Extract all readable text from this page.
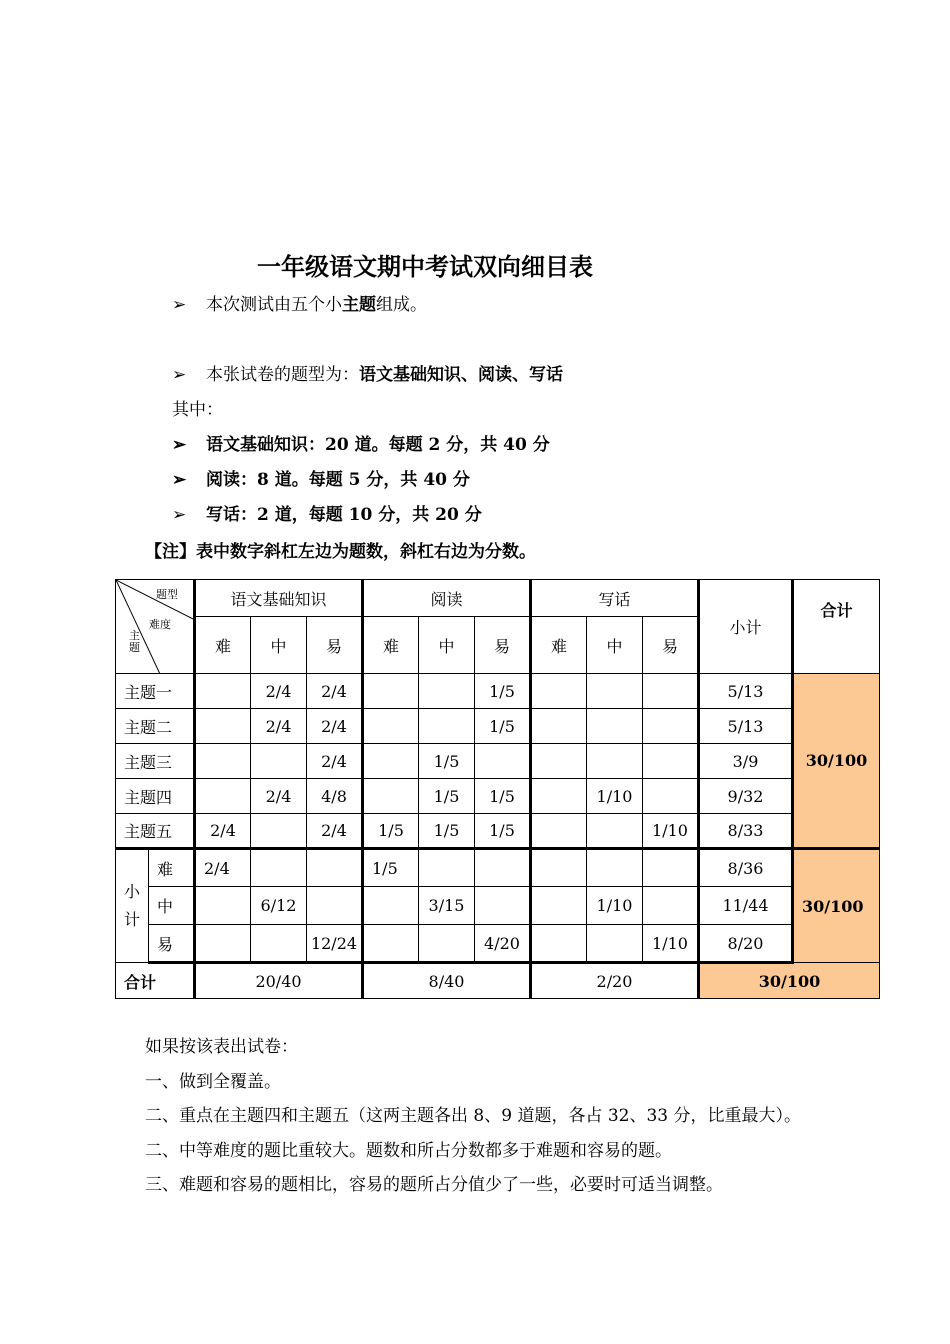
一年级语文期中考试双向细目表
➢ 本次测试由五个小主题组成。
➢ 本张试卷的题型为：语文基础知识、阅读、写话
其中：
➢ 语文基础知识：20 道。每题 2 分，共 40 分
➢ 阅读：8 道。每题 5 分，共 40 分
➢ 写话：2 道，每题 10 分，共 20 分
【注】表中数字斜杠左边为题数，斜杠右边为分数。
题型
难度
主
题		语文基础知识			阅读			写话			小计	合计
		难	中	易	难	中	易	难	中	易		
主题一			2/4	2/4			1/5				5/13	30/100
主题二			2/4	2/4			1/5				5/13	
主题三				2/4		1/5					3/9	
主题四			2/4	4/8		1/5	1/5		1/10		9/32	
主题五		2/4		2/4	1/5	1/5	1/5			1/10	8/33	
小
计	难	2/4			1/5						8/36	30/100
	中		6/12			3/15			1/10		11/44	
	易			12/24			4/20			1/10	8/20	
合计		20/40			8/40			2/20			30/100	
如果按该表出试卷：
一、做到全覆盖。
二、重点在主题四和主题五（这两主题各出 8、9 道题，各占 32、33 分，比重最大）。
二、中等难度的题比重较大。题数和所占分数都多于难题和容易的题。
三、难题和容易的题相比，容易的题所占分值少了一些，必要时可适当调整。
